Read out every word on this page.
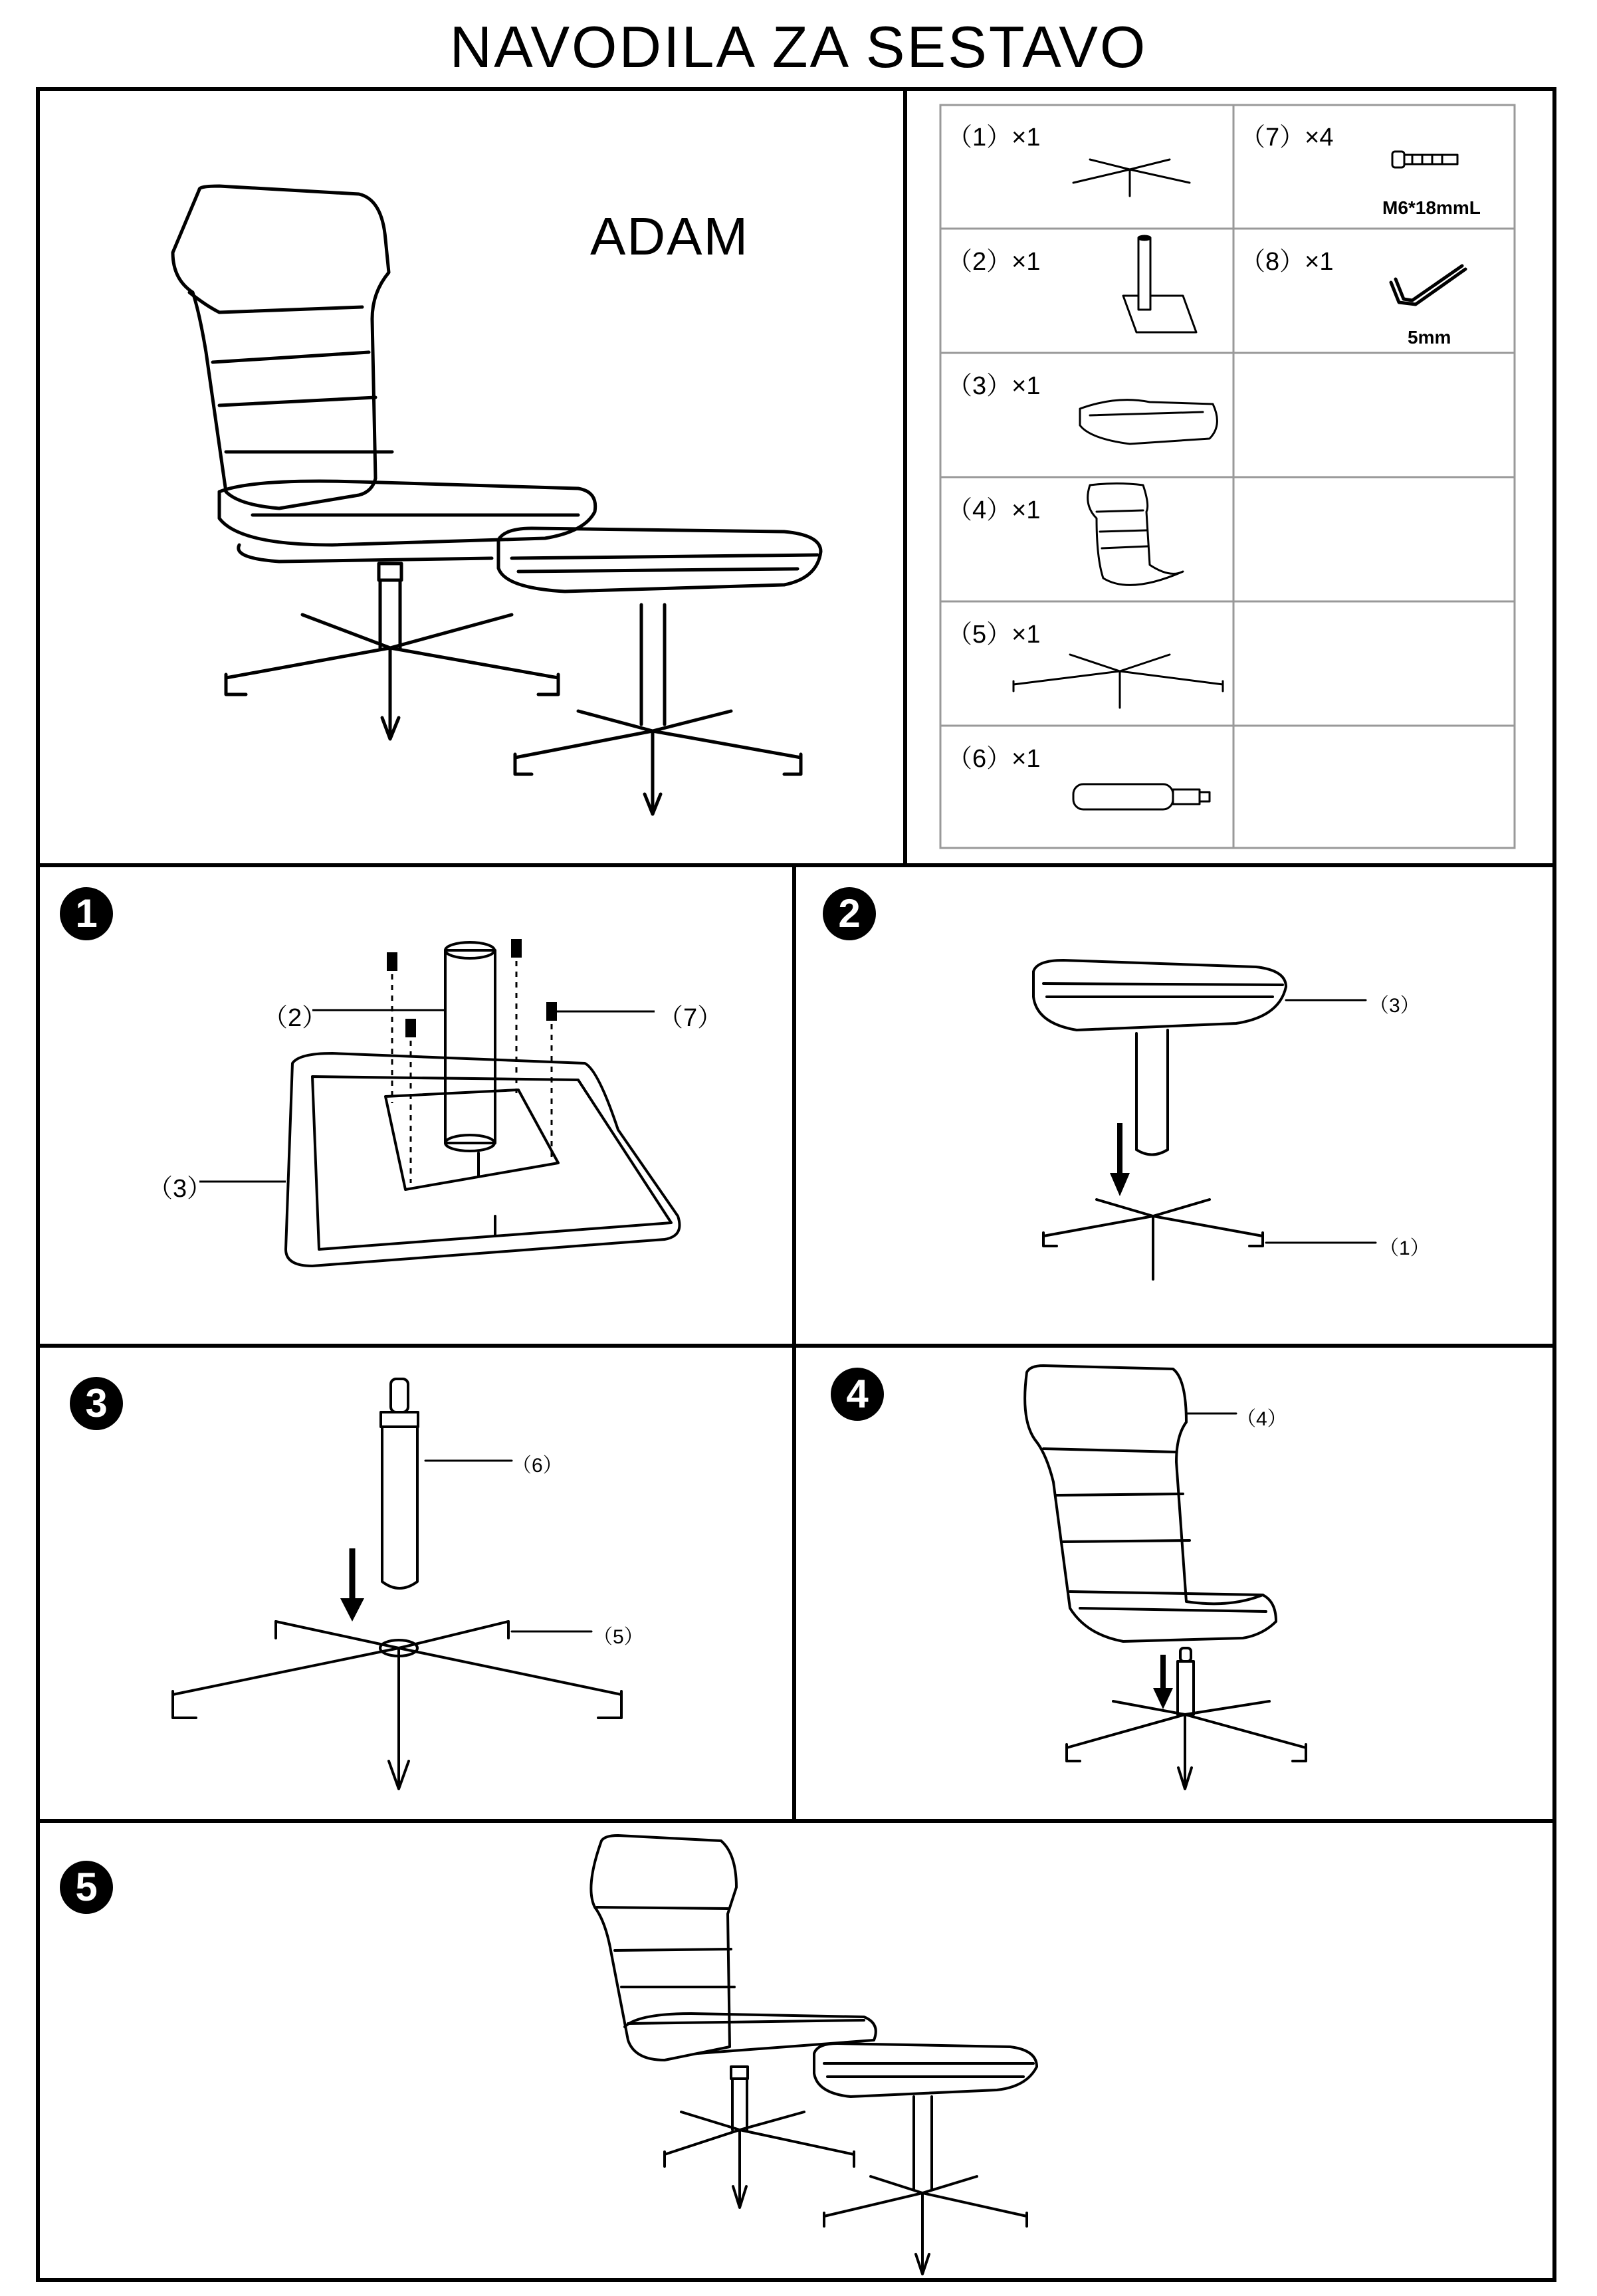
NAVODILA ZA SESTAVO
ADAM
（1）×1	（7）×4
M6*18mmL
（2）×1	（8）×1
5mm
（3）×1
（4）×1
（5）×1
（6）×1
1
（2）	（7）
（3）
2
（3）
（1）
3
（6）
（5）
4
（4）
5
